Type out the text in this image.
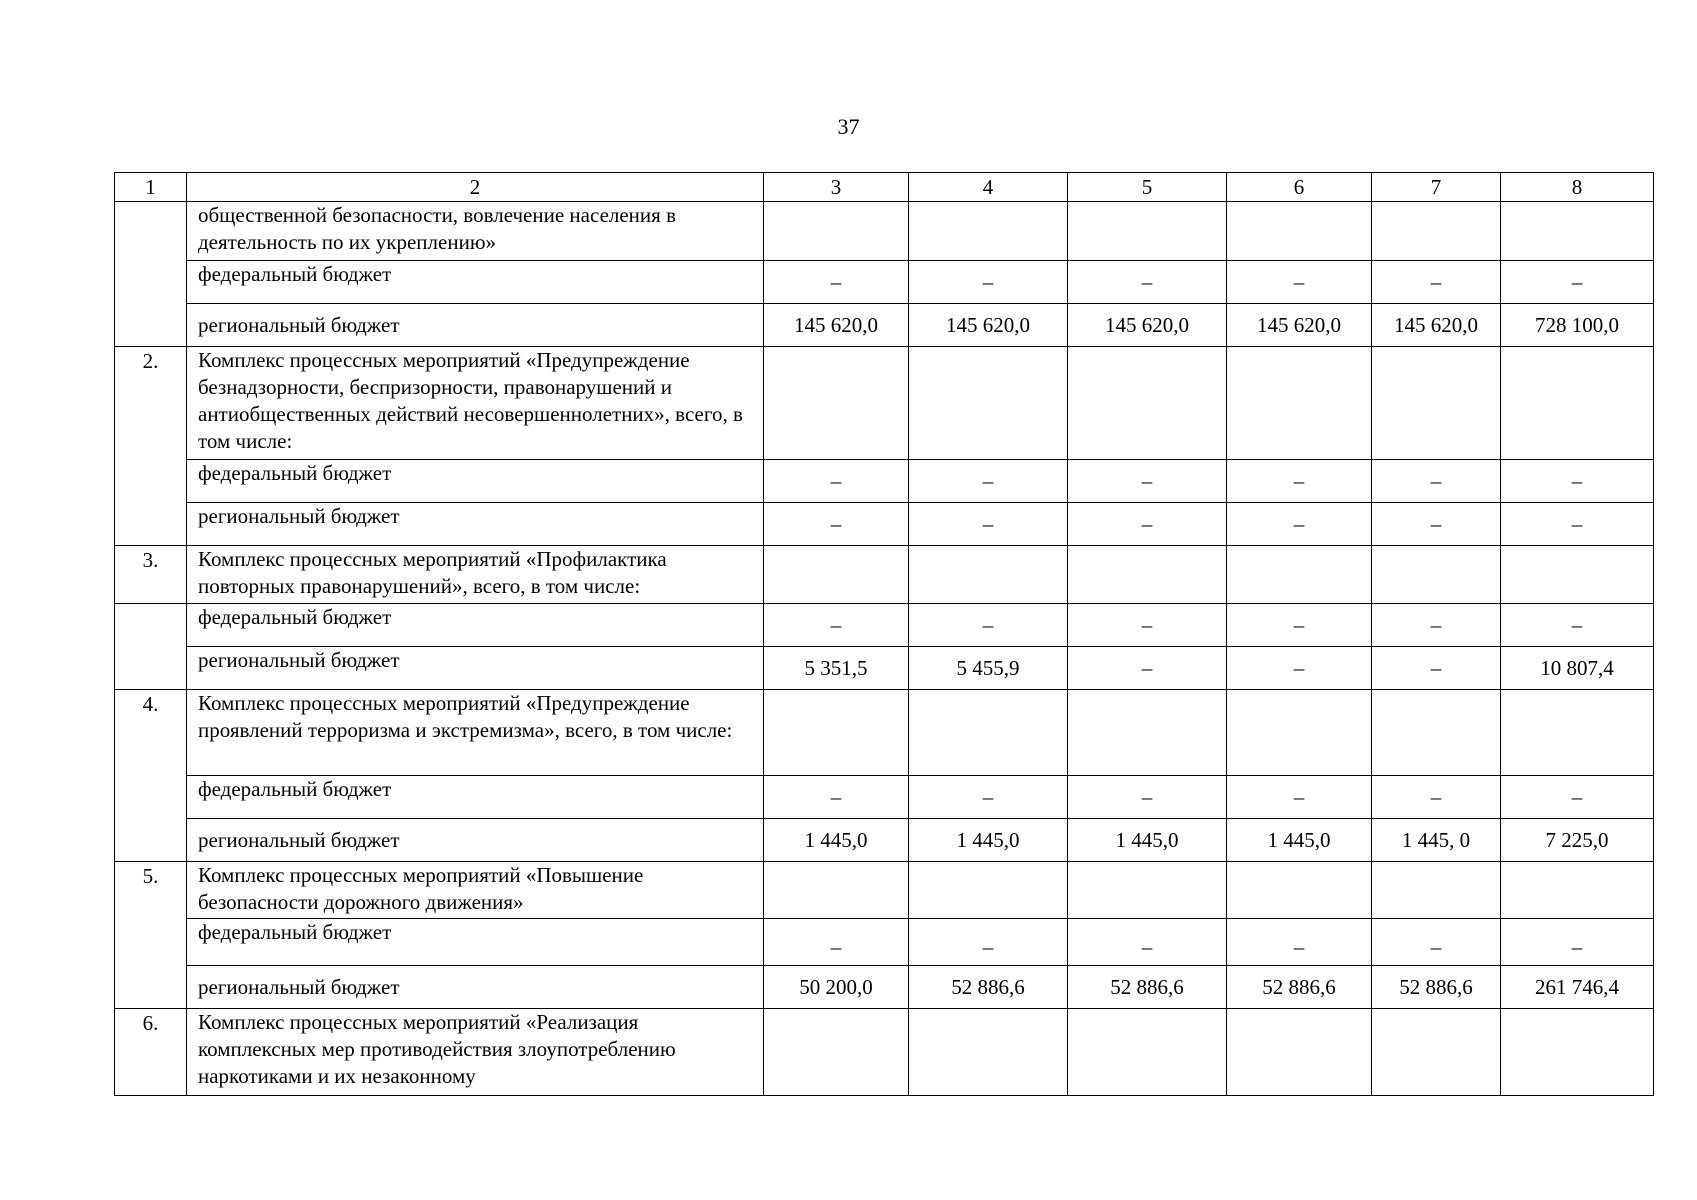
37
1	2	3	4	5	6	7	8
	общественной безопасности, вовлечение населения в деятельность по их укреплению»						
	федеральный бюджет	–	–	–	–	–	–
	региональный бюджет	145 620,0	145 620,0	145 620,0	145 620,0	145 620,0	728 100,0
2.	Комплекс процессных мероприятий «Предупреждение безнадзорности, беспризорности, правонарушений и антиобщественных действий несовершеннолетних», всего, в том числе:						
	федеральный бюджет	–	–	–	–	–	–
	региональный бюджет	–	–	–	–	–	–
3.	Комплекс процессных мероприятий «Профилактика повторных правонарушений», всего, в том числе:						
	федеральный бюджет	–	–	–	–	–	–
	региональный бюджет	5 351,5	5 455,9	–	–	–	10 807,4
4.	Комплекс процессных мероприятий «Предупреждение проявлений терроризма и экстремизма», всего, в том числе:						
	федеральный бюджет	–	–	–	–	–	–
	региональный бюджет	1 445,0	1 445,0	1 445,0	1 445,0	1 445, 0	7 225,0
5.	Комплекс процессных мероприятий «Повышение безопасности дорожного движения»						
	федеральный бюджет	–	–	–	–	–	–
	региональный бюджет	50 200,0	52 886,6	52 886,6	52 886,6	52 886,6	261 746,4
6.	Комплекс процессных мероприятий «Реализация комплексных мер противодействия злоупотреблению наркотиками и их незаконному						
